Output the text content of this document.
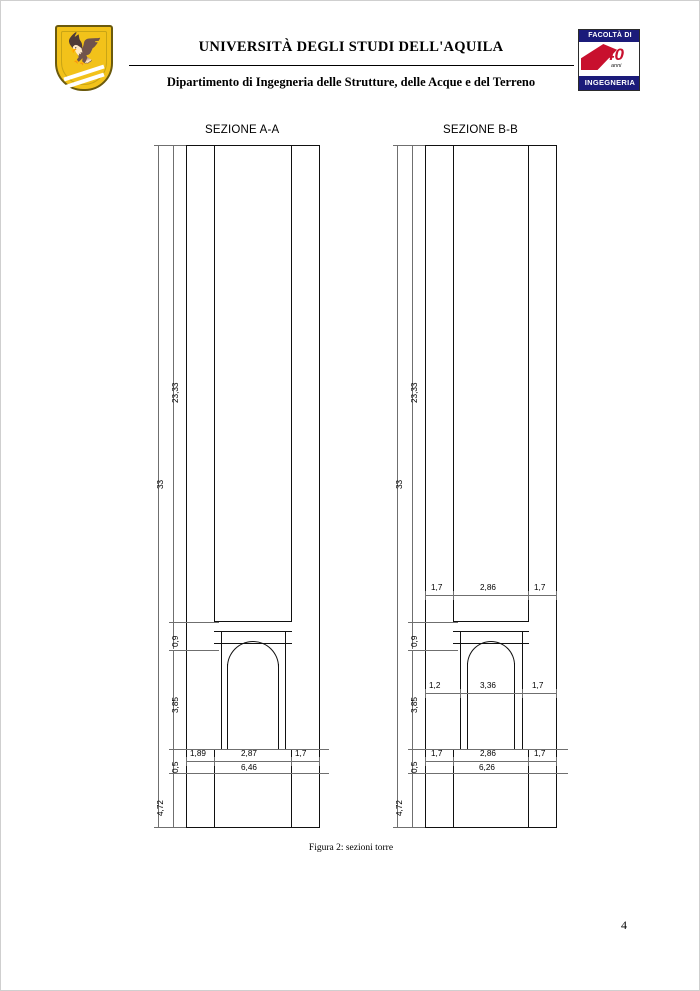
🦅	UNIVERSITÀ DEGLI STUDI DELL'AQUILA
Dipartimento di Ingegneria delle Strutture, delle Acque e del Terreno
FACOLTÀ DI
40
anni
INGEGNERIA
SEZIONE A-A	SEZIONE B-B
23,33
33
0,9
3,85
0,5
4,72
1,89	2,87	1,7
6,46
23,33
33
0,9
3,85
0,5
4,72
1,7	2,86	1,7
1,2	3,36	1,7
1,7	2,86	1,7
6,26
Figura 2: sezioni torre
4
